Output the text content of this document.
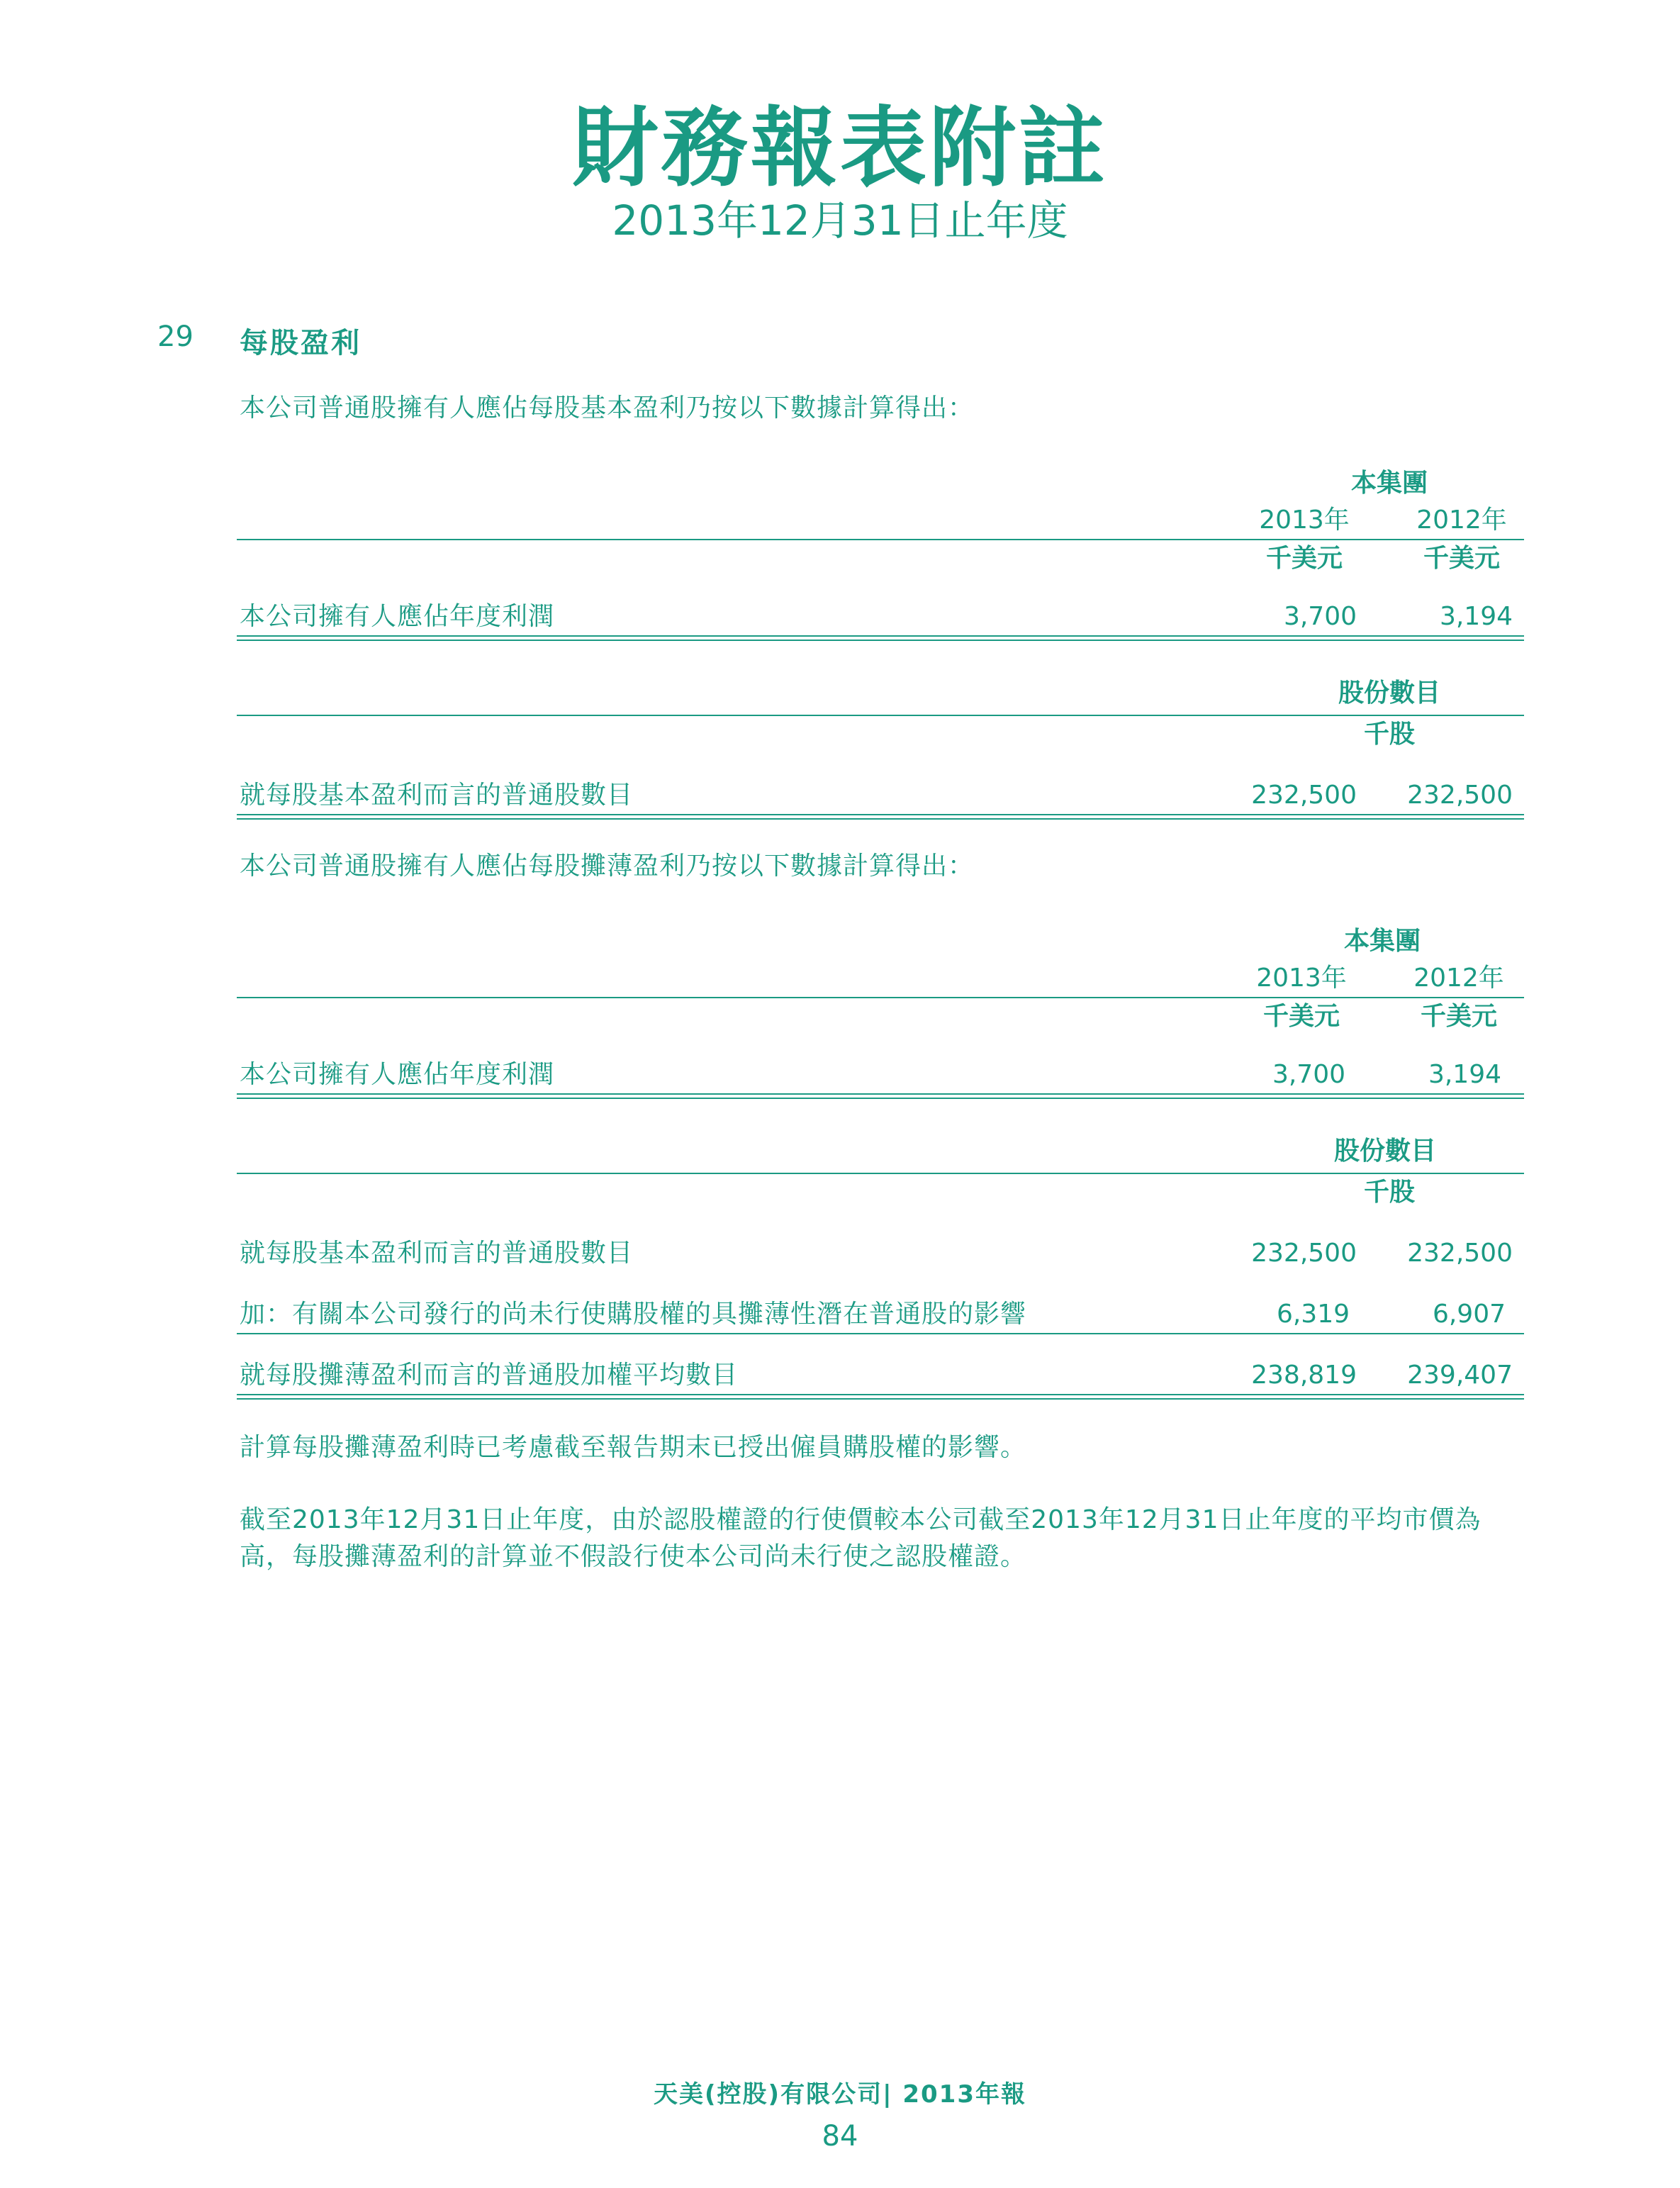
財務報表附註
2013年12月31日止年度
29 每股盈利
本公司普通股擁有人應佔每股基本盈利乃按以下數據計算得出：
本集團
2013年	2012年
千美元	千美元
本公司擁有人應佔年度利潤	3,700	3,194
股份數目
千股
就每股基本盈利而言的普通股數目	232,500	232,500
本公司普通股擁有人應佔每股攤薄盈利乃按以下數據計算得出：
本集團
2013年	2012年
千美元	千美元
本公司擁有人應佔年度利潤	3,700	3,194
股份數目
千股
就每股基本盈利而言的普通股數目	232,500	232,500
加：有關本公司發行的尚未行使購股權的具攤薄性潛在普通股的影響	6,319	6,907
就每股攤薄盈利而言的普通股加權平均數目	238,819	239,407
計算每股攤薄盈利時已考慮截至報告期末已授出僱員購股權的影響。
截至2013年12月31日止年度，由於認股權證的行使價較本公司截至2013年12月31日止年度的平均市價為高，每股攤薄盈利的計算並不假設行使本公司尚未行使之認股權證。
天美(控股)有限公司| 2013年報
84
